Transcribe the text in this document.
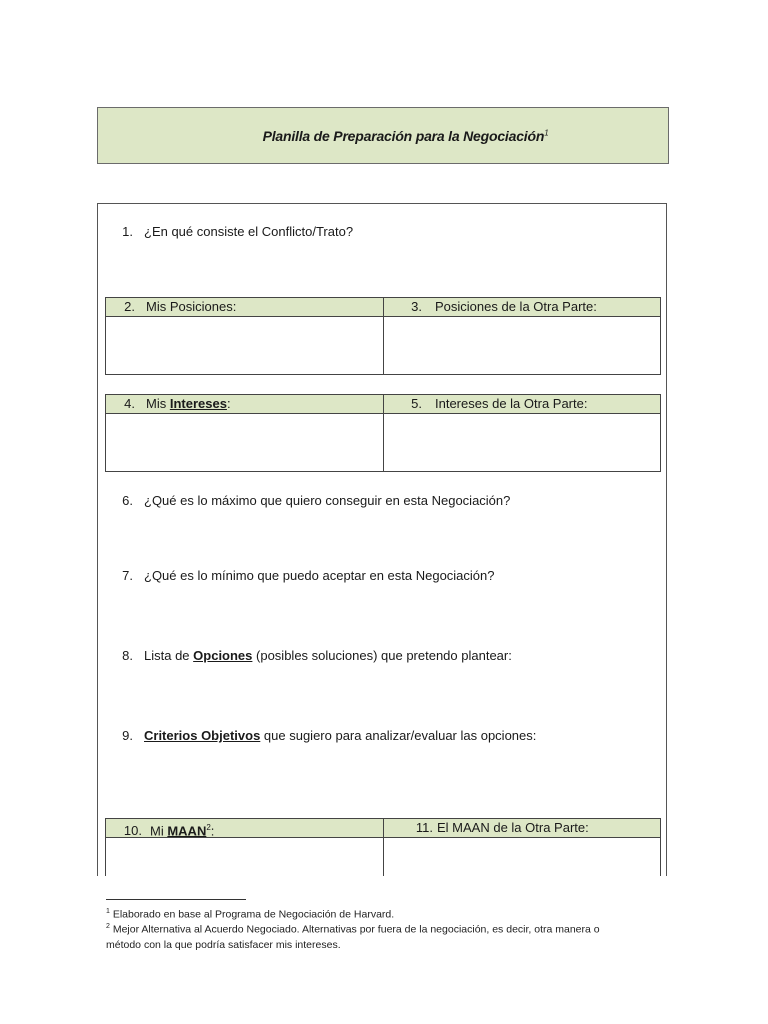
Planilla de Preparación para la Negociación$^1$
1. ¿En qué consiste el Conflicto/Trato?
2. Mis Posiciones:	3. Posiciones de la Otra Parte:
4. Mis Intereses:	5. Intereses de la Otra Parte:
6. ¿Qué es lo máximo que quiero conseguir en esta Negociación?
7. ¿Qué es lo mínimo que puedo aceptar en esta Negociación?
8. Lista de Opciones (posibles soluciones) que pretendo plantear:
9. Criterios Objetivos que sugiero para analizar/evaluar las opciones:
10. Mi MAAN$^2$:	11. El MAAN de la Otra Parte:
$^1$ Elaborado en base al Programa de Negociación de Harvard.
$^2$ Mejor Alternativa al Acuerdo Negociado. Alternativas por fuera de la negociación, es decir, otra manera o
método con la que podría satisfacer mis intereses.
